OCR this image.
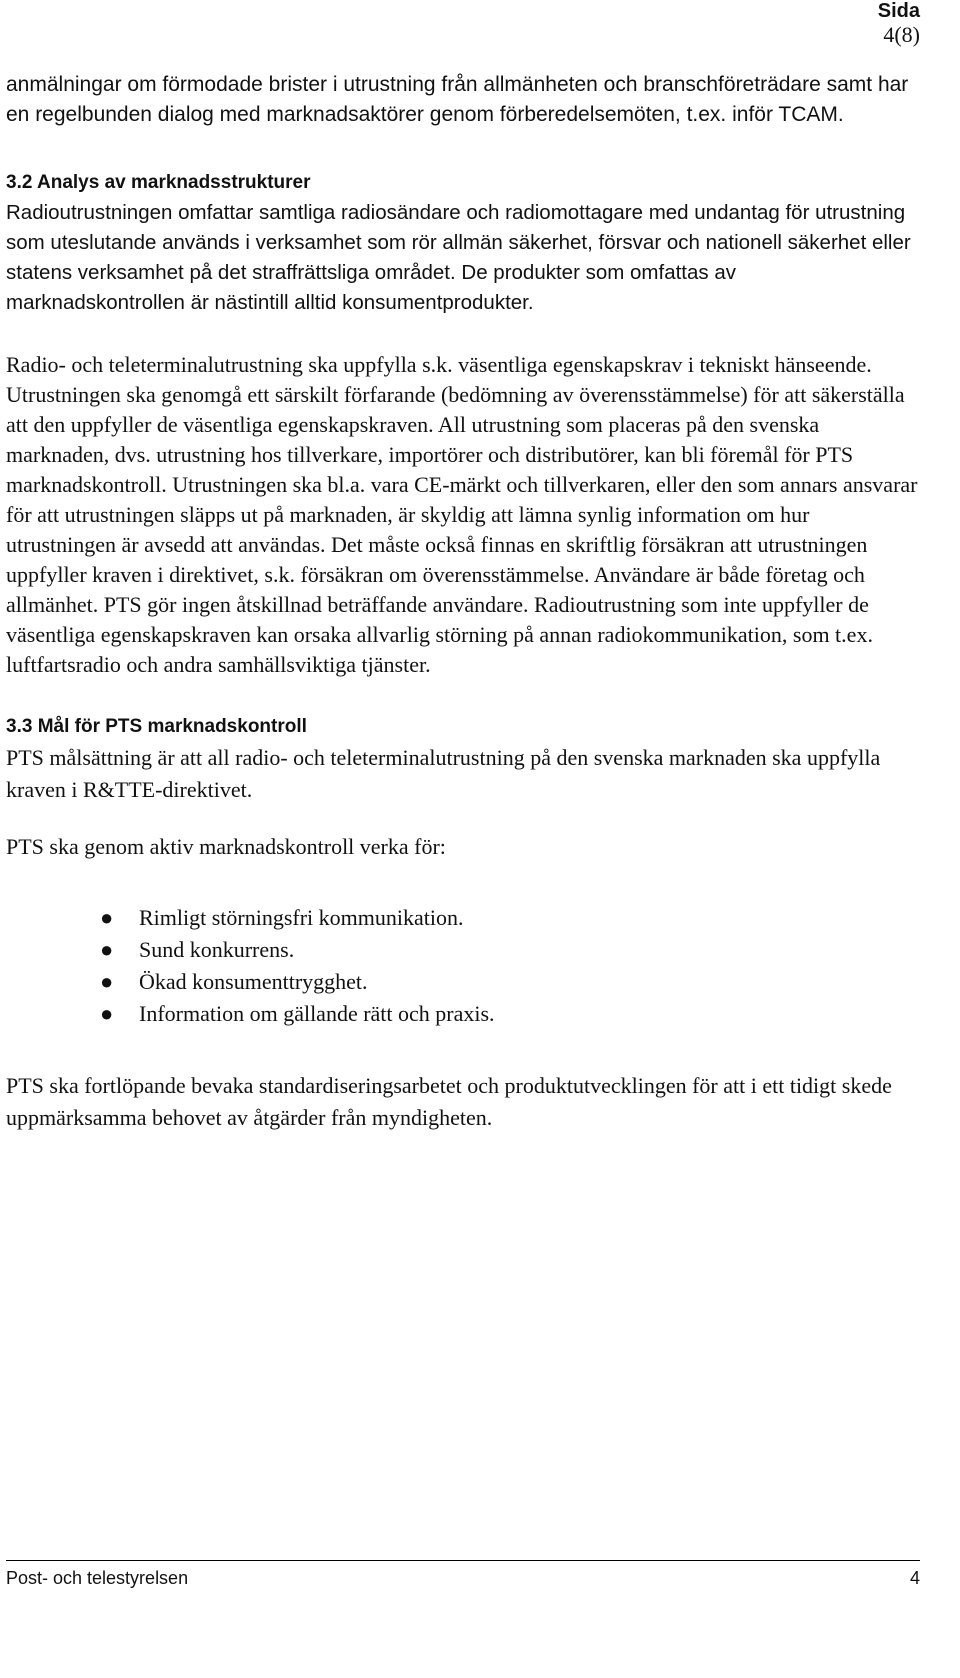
Sida
4(8)

anmälningar om förmodade brister i utrustning från allmänheten och branschföreträdare samt har en regelbunden dialog med marknadsaktörer genom förberedelsemöten, t.ex. inför TCAM.

3.2 Analys av marknadsstrukturer

Radioutrustningen omfattar samtliga radiosändare och radiomottagare med undantag för utrustning som uteslutande används i verksamhet som rör allmän säkerhet, försvar och nationell säkerhet eller statens verksamhet på det straffrättsliga området. De produkter som omfattas av marknadskontrollen är nästintill alltid konsumentprodukter.

Radio- och teleterminalutrustning ska uppfylla s.k. väsentliga egenskapskrav i tekniskt hänseende. Utrustningen ska genomgå ett särskilt förfarande (bedömning av överensstämmelse) för att säkerställa att den uppfyller de väsentliga egenskapskraven. All utrustning som placeras på den svenska marknaden, dvs. utrustning hos tillverkare, importörer och distributörer, kan bli föremål för PTS marknadskontroll. Utrustningen ska bl.a. vara CE-märkt och tillverkaren, eller den som annars ansvarar för att utrustningen släpps ut på marknaden, är skyldig att lämna synlig information om hur utrustningen är avsedd att användas. Det måste också finnas en skriftlig försäkran att utrustningen uppfyller kraven i direktivet, s.k. försäkran om överensstämmelse. Användare är både företag och allmänhet. PTS gör ingen åtskillnad beträffande användare. Radioutrustning som inte uppfyller de väsentliga egenskapskraven kan orsaka allvarlig störning på annan radiokommunikation, som t.ex. luftfartsradio och andra samhällsviktiga tjänster.

3.3 Mål för PTS marknadskontroll

PTS målsättning är att all radio- och teleterminalutrustning på den svenska marknaden ska uppfylla kraven i R&TTE-direktivet.

PTS ska genom aktiv marknadskontroll verka för:

● Rimligt störningsfri kommunikation.
● Sund konkurrens.
● Ökad konsumenttrygghet.
● Information om gällande rätt och praxis.

PTS ska fortlöpande bevaka standardiseringsarbetet och produktutvecklingen för att i ett tidigt skede uppmärksamma behovet av åtgärder från myndigheten.

Post- och telestyrelsen	4
